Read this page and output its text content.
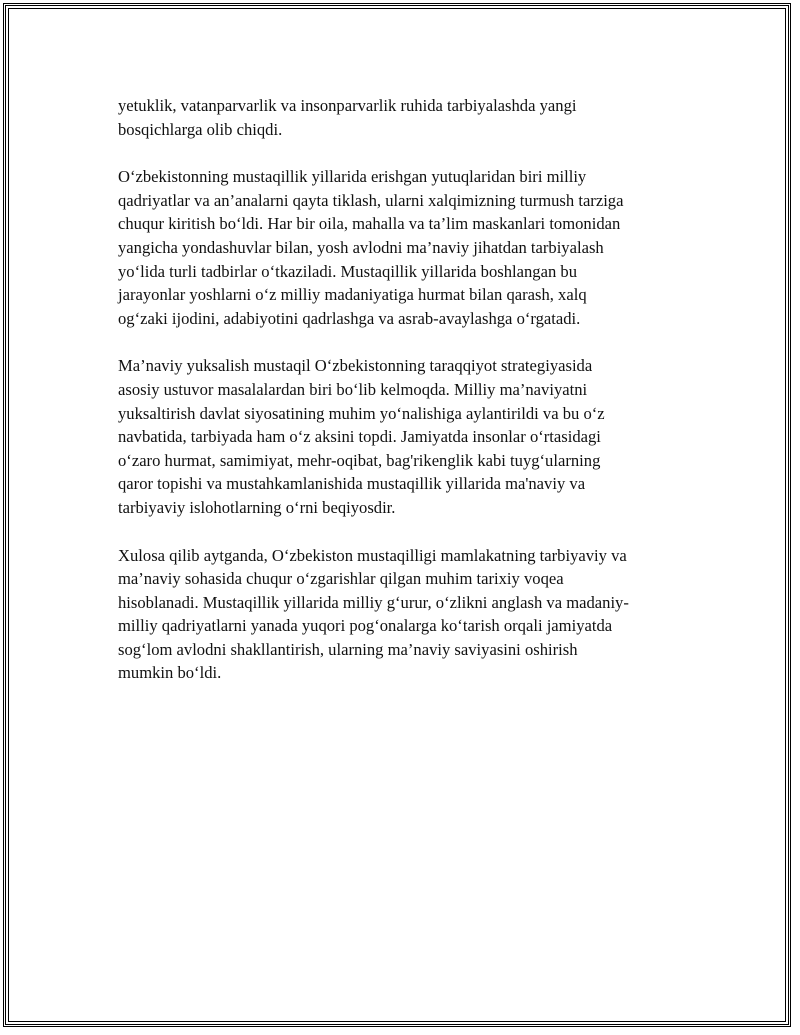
yetuklik, vatanparvarlik va insonparvarlik ruhida tarbiyalashda yangi
bosqichlarga olib chiqdi.

O‘zbekistonning mustaqillik yillarida erishgan yutuqlaridan biri milliy
qadriyatlar va an’analarni qayta tiklash, ularni xalqimizning turmush tarziga
chuqur kiritish bo‘ldi. Har bir oila, mahalla va ta’lim maskanlari tomonidan
yangicha yondashuvlar bilan, yosh avlodni ma’naviy jihatdan tarbiyalash
yo‘lida turli tadbirlar o‘tkaziladi. Mustaqillik yillarida boshlangan bu
jarayonlar yoshlarni o‘z milliy madaniyatiga hurmat bilan qarash, xalq
og‘zaki ijodini, adabiyotini qadrlashga va asrab-avaylashga o‘rgatadi.

Ma’naviy yuksalish mustaqil O‘zbekistonning taraqqiyot strategiyasida
asosiy ustuvor masalalardan biri bo‘lib kelmoqda. Milliy ma’naviyatni
yuksaltirish davlat siyosatining muhim yo‘nalishiga aylantirildi va bu o‘z
navbatida, tarbiyada ham o‘z aksini topdi. Jamiyatda insonlar o‘rtasidagi
o‘zaro hurmat, samimiyat, mehr-oqibat, bag'rikenglik kabi tuyg‘ularning
qaror topishi va mustahkamlanishida mustaqillik yillarida ma'naviy va
tarbiyaviy islohotlarning o‘rni beqiyosdir.

Xulosa qilib aytganda, O‘zbekiston mustaqilligi mamlakatning tarbiyaviy va
ma’naviy sohasida chuqur o‘zgarishlar qilgan muhim tarixiy voqea
hisoblanadi. Mustaqillik yillarida milliy g‘urur, o‘zlikni anglash va madaniy-
milliy qadriyatlarni yanada yuqori pog‘onalarga ko‘tarish orqali jamiyatda
sog‘lom avlodni shakllantirish, ularning ma’naviy saviyasini oshirish
mumkin bo‘ldi.
